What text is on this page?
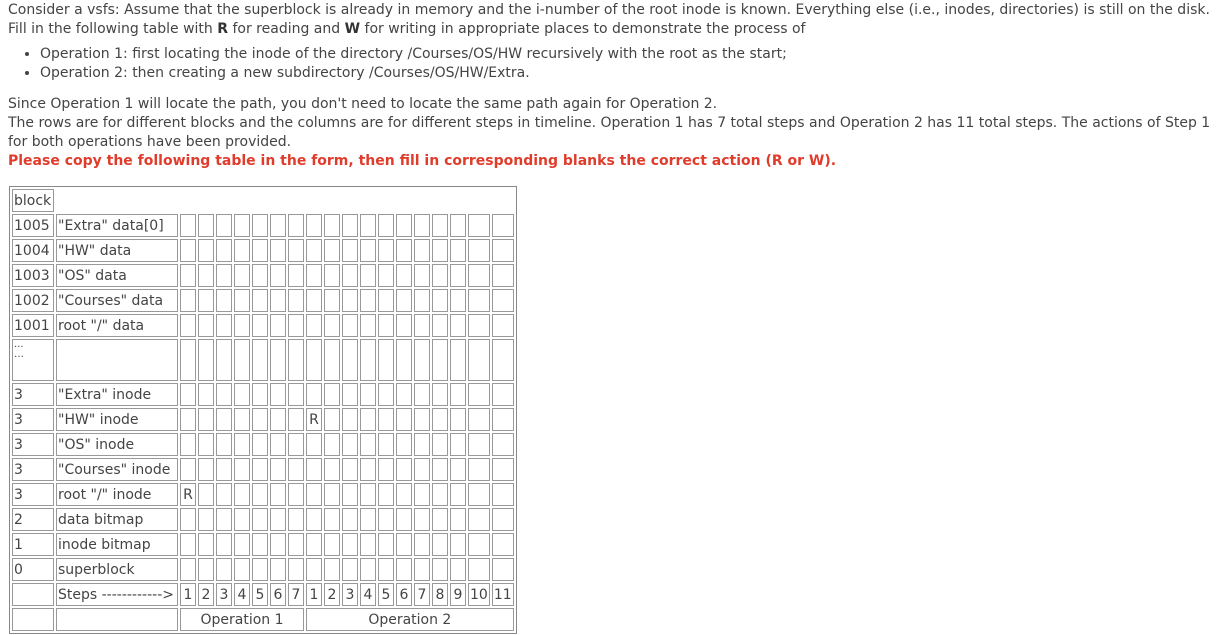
Consider a vsfs: Assume that the superblock is already in memory and the i-number of the root inode is known. Everything else (i.e., inodes, directories) is still on the disk. Fill in the following table with R for reading and W for writing in appropriate places to demonstrate the process of

• Operation 1: first locating the inode of the directory /Courses/OS/HW recursively with the root as the start;
• Operation 2: then creating a new subdirectory /Courses/OS/HW/Extra.

Since Operation 1 will locate the path, you don't need to locate the same path again for Operation 2.

The rows are for different blocks and the columns are for different steps in timeline. Operation 1 has 7 total steps and Operation 2 has 11 total steps. The actions of Step 1 for both operations have been provided.

Please copy the following table in the form, then fill in corresponding blanks the correct action (R or W).

block																			
1005	"Extra" data[0]																		
1004	"HW" data																		
1003	"OS" data																		
1002	"Courses" data																		
1001	root "/" data																		

...
…																			

3	"Extra" inode																		
3	"HW" inode								R										
3	"OS" inode																		
3	"Courses" inode																		
3	root "/" inode	R																	
2	data bitmap																		
1	inode bitmap																		
0	superblock																		
	Steps ------------>	1	2	3	4	5	6	7	1	2	3	4	5	6	7	8	9	10	11
		Operation 1							Operation 2										
